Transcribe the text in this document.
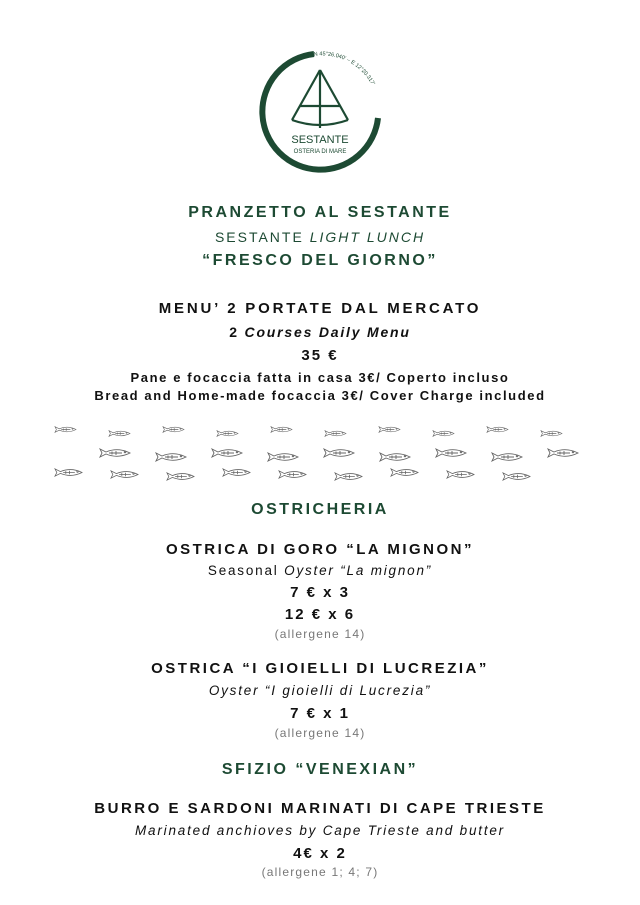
N 45°26.040' – E 12°20.317'
SESTANTE
OSTERIA DI MARE
PRANZETTO AL SESTANTE
SESTANTE LIGHT LUNCH
“FRESCO DEL GIORNO”
MENU’ 2 PORTATE DAL MERCATO
2 Courses Daily Menu
35 €
Pane e focaccia fatta in casa 3€/ Coperto incluso
Bread and Home-made focaccia 3€/ Cover Charge included
OSTRICHERIA
OSTRICA DI GORO “LA MIGNON”
Seasonal Oyster “La mignon”
7 € x 3
12 € x 6
(allergene 14)
OSTRICA “I GIOIELLI DI LUCREZIA”
Oyster “I gioielli di Lucrezia”
7 € x 1
(allergene 14)
SFIZIO “VENEXIAN”
BURRO E SARDONI MARINATI DI CAPE TRIESTE
Marinated anchioves by Cape Trieste and butter
4€ x 2
(allergene 1; 4; 7)
